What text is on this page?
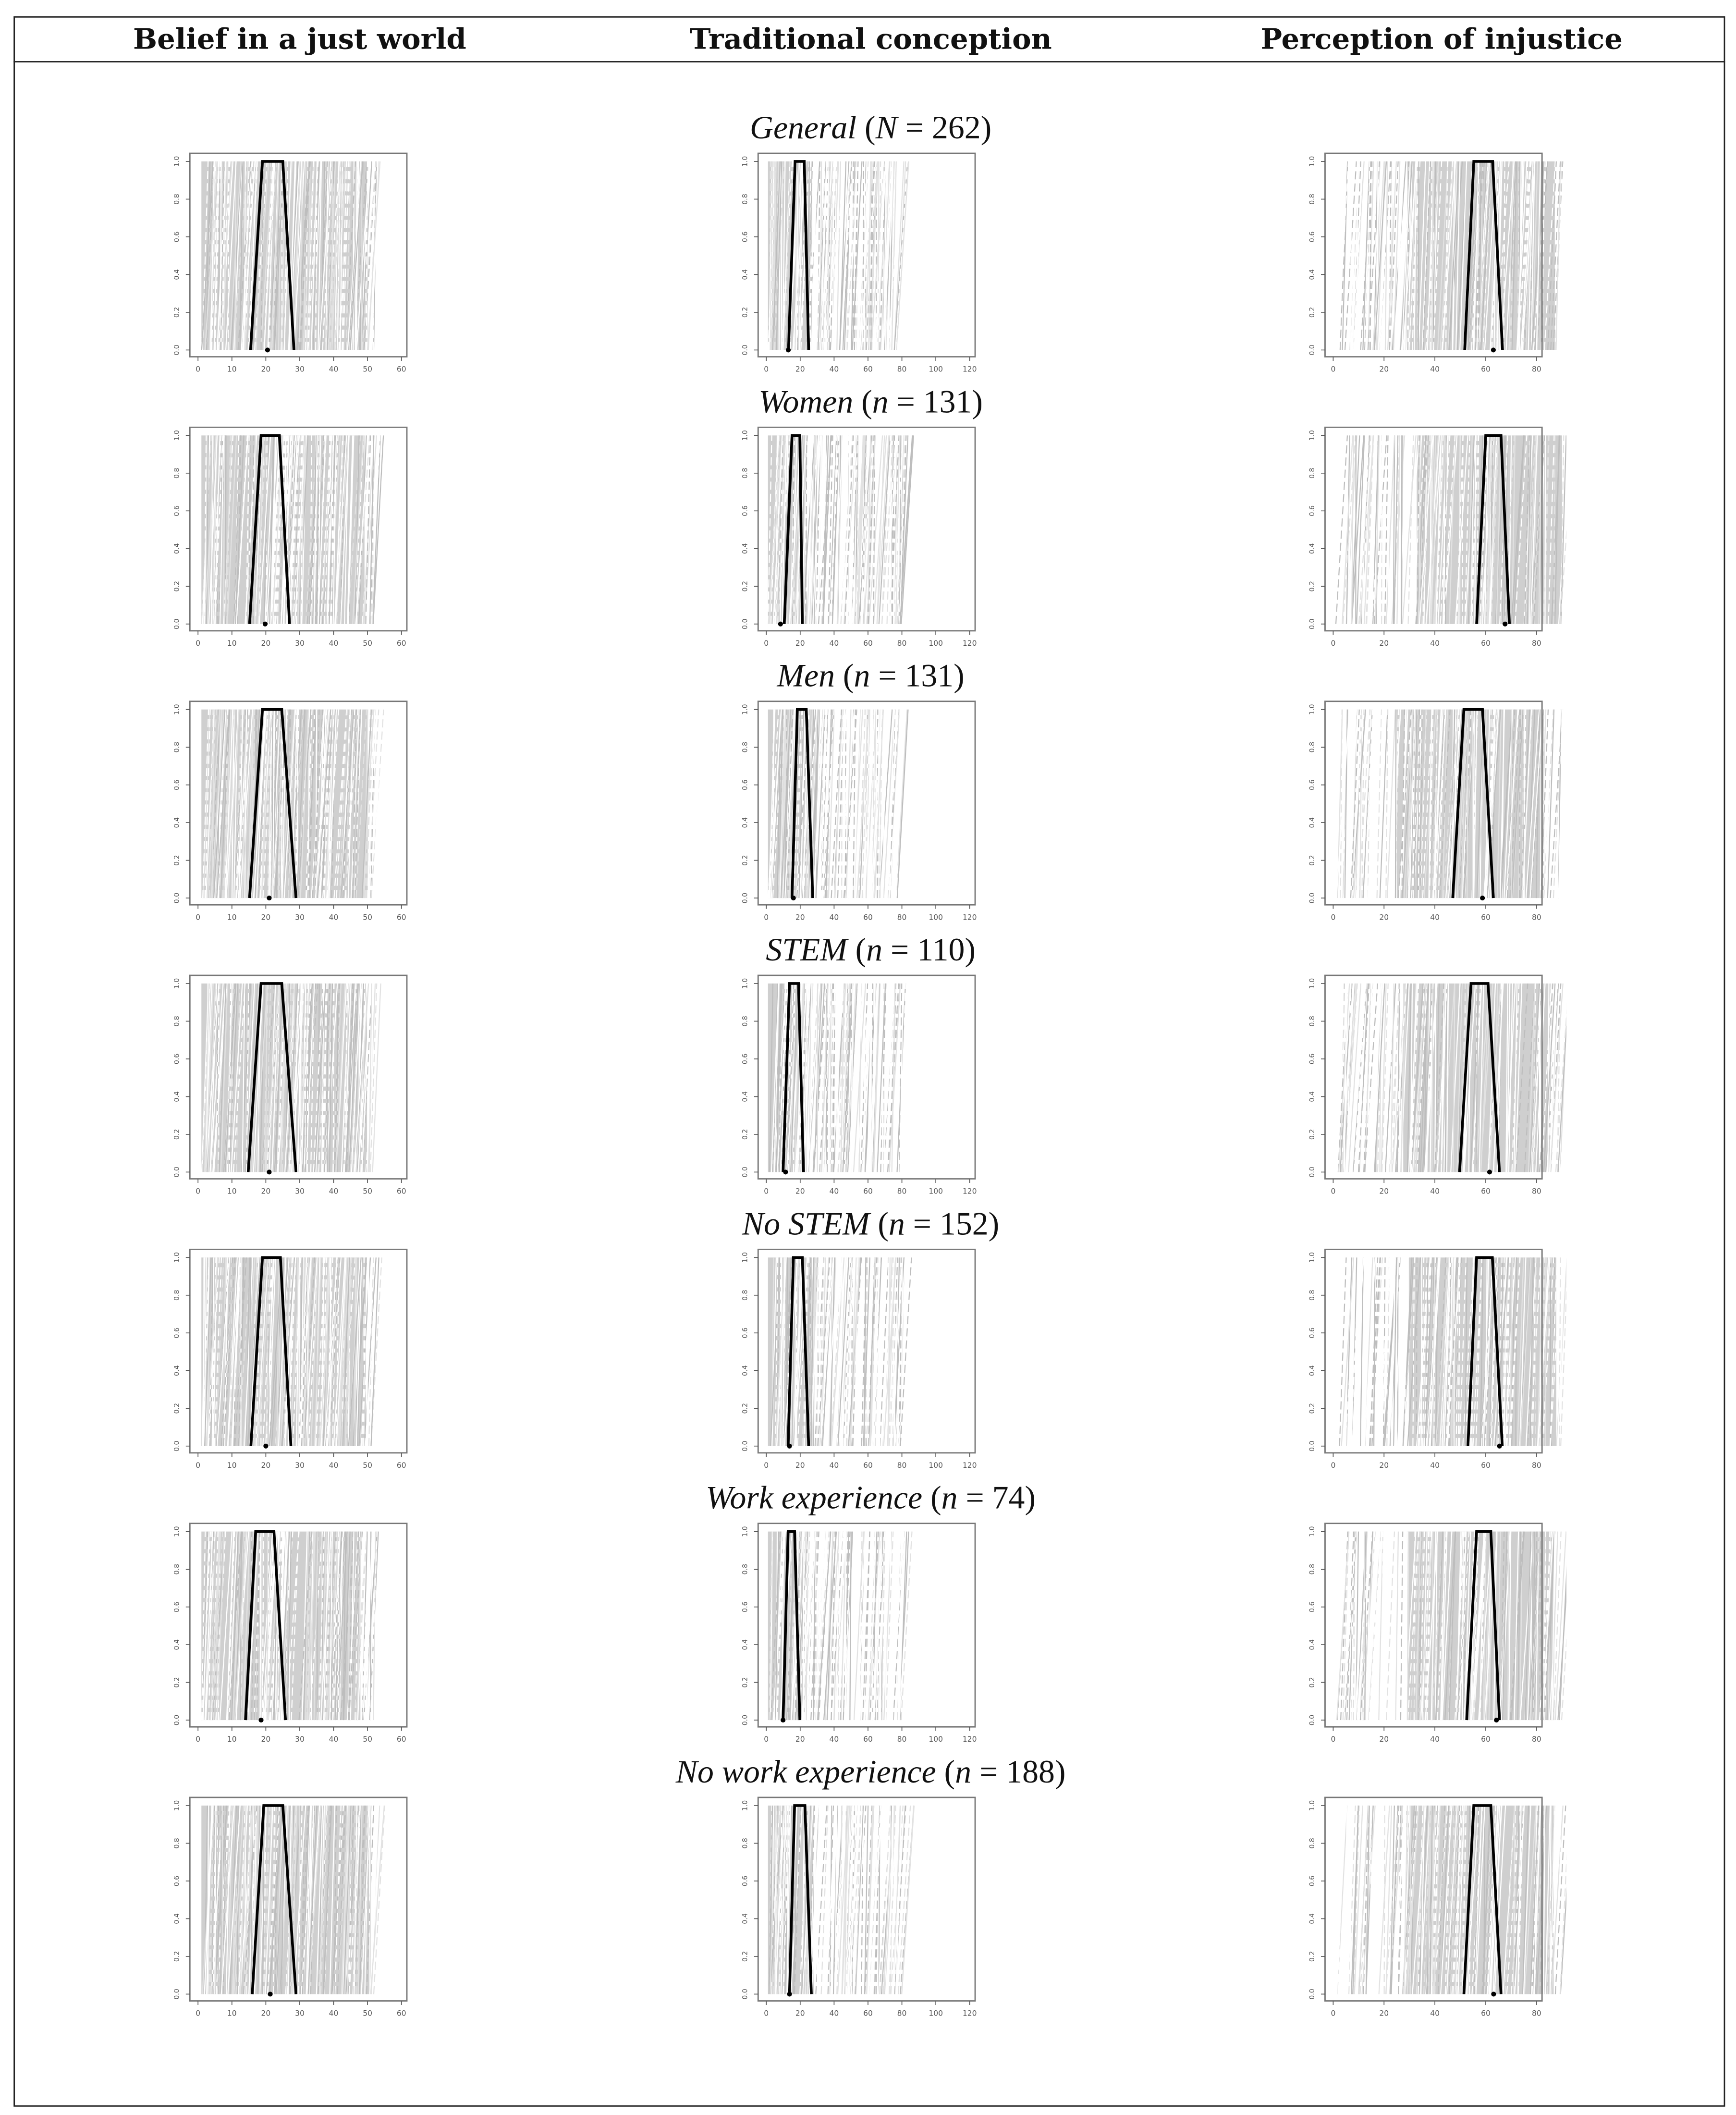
Belief in a just world	Traditional conception	Perception of injustice
General (N = 262)
0	10	20	30	40	50	60
0.0
0.2
0.4
0.6
0.8
1.0
0	20	40	60	80	100	120
0.0
0.2
0.4
0.6
0.8
1.0
0	20	40	60	80
0.0
0.2
0.4
0.6
0.8
1.0
Women (n = 131)
0	10	20	30	40	50	60
0.0
0.2
0.4
0.6
0.8
1.0
0	20	40	60	80	100	120
0.0
0.2
0.4
0.6
0.8
1.0
0	20	40	60	80
0.0
0.2
0.4
0.6
0.8
1.0
Men (n = 131)
0	10	20	30	40	50	60
0.0
0.2
0.4
0.6
0.8
1.0
0	20	40	60	80	100	120
0.0
0.2
0.4
0.6
0.8
1.0
0	20	40	60	80
0.0
0.2
0.4
0.6
0.8
1.0
STEM (n = 110)
0	10	20	30	40	50	60
0.0
0.2
0.4
0.6
0.8
1.0
0	20	40	60	80	100	120
0.0
0.2
0.4
0.6
0.8
1.0
0	20	40	60	80
0.0
0.2
0.4
0.6
0.8
1.0
No STEM (n = 152)
0	10	20	30	40	50	60
0.0
0.2
0.4
0.6
0.8
1.0
0	20	40	60	80	100	120
0.0
0.2
0.4
0.6
0.8
1.0
0	20	40	60	80
0.0
0.2
0.4
0.6
0.8
1.0
Work experience (n = 74)
0	10	20	30	40	50	60
0.0
0.2
0.4
0.6
0.8
1.0
0	20	40	60	80	100	120
0.0
0.2
0.4
0.6
0.8
1.0
0	20	40	60	80
0.0
0.2
0.4
0.6
0.8
1.0
No work experience (n = 188)
0	10	20	30	40	50	60
0.0
0.2
0.4
0.6
0.8
1.0
0	20	40	60	80	100	120
0.0
0.2
0.4
0.6
0.8
1.0
0	20	40	60	80
0.0
0.2
0.4
0.6
0.8
1.0
